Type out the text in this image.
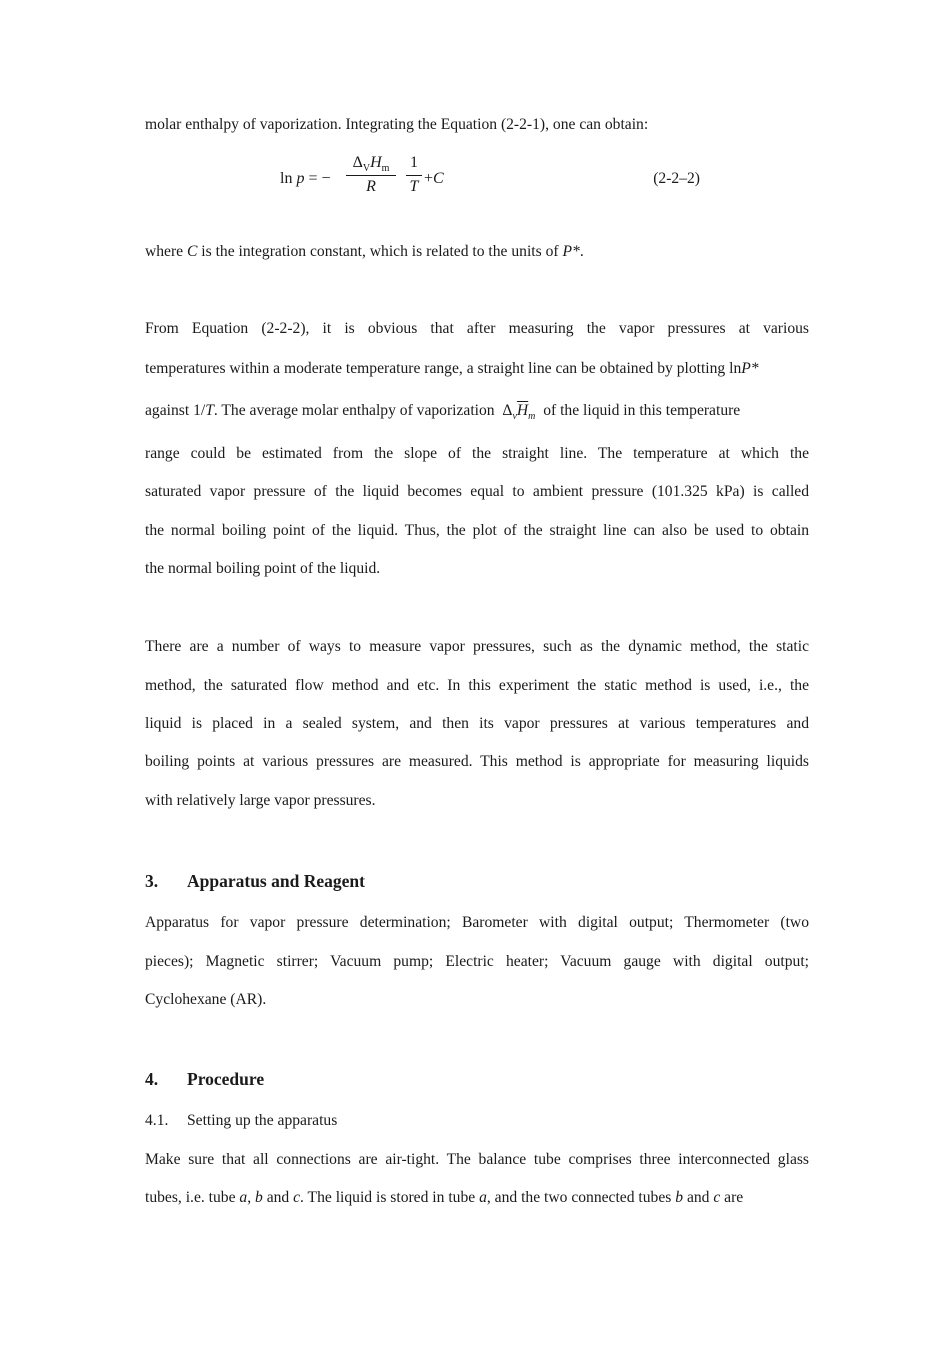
molar enthalpy of vaporization. Integrating the Equation (2-2-1), one can obtain:
ln p = −
$\Delta_VH_m$
R
1
T +C	(2-2–2)
where C is the integration constant, which is related to the units of P*.
From Equation (2-2-2), it is obvious that after measuring the vapor pressures at various
temperatures within a moderate temperature range, a straight line can be obtained by plotting lnP*
against 1/T. The average molar enthalpy of vaporization $\Delta_v\overline{H}_m$ of the liquid in this temperature
range could be estimated from the slope of the straight line. The temperature at which the
saturated vapor pressure of the liquid becomes equal to ambient pressure (101.325 kPa) is called
the normal boiling point of the liquid. Thus, the plot of the straight line can also be used to obtain
the normal boiling point of the liquid.
There are a number of ways to measure vapor pressures, such as the dynamic method, the static
method, the saturated flow method and etc. In this experiment the static method is used, i.e., the
liquid is placed in a sealed system, and then its vapor pressures at various temperatures and
boiling points at various pressures are measured. This method is appropriate for measuring liquids
with relatively large vapor pressures.
3. Apparatus and Reagent
Apparatus for vapor pressure determination; Barometer with digital output; Thermometer (two
pieces); Magnetic stirrer; Vacuum pump; Electric heater; Vacuum gauge with digital output;
Cyclohexane (AR).
4. Procedure
4.1. Setting up the apparatus
Make sure that all connections are air-tight. The balance tube comprises three interconnected glass
tubes, i.e. tube a, b and c. The liquid is stored in tube a, and the two connected tubes b and c are
